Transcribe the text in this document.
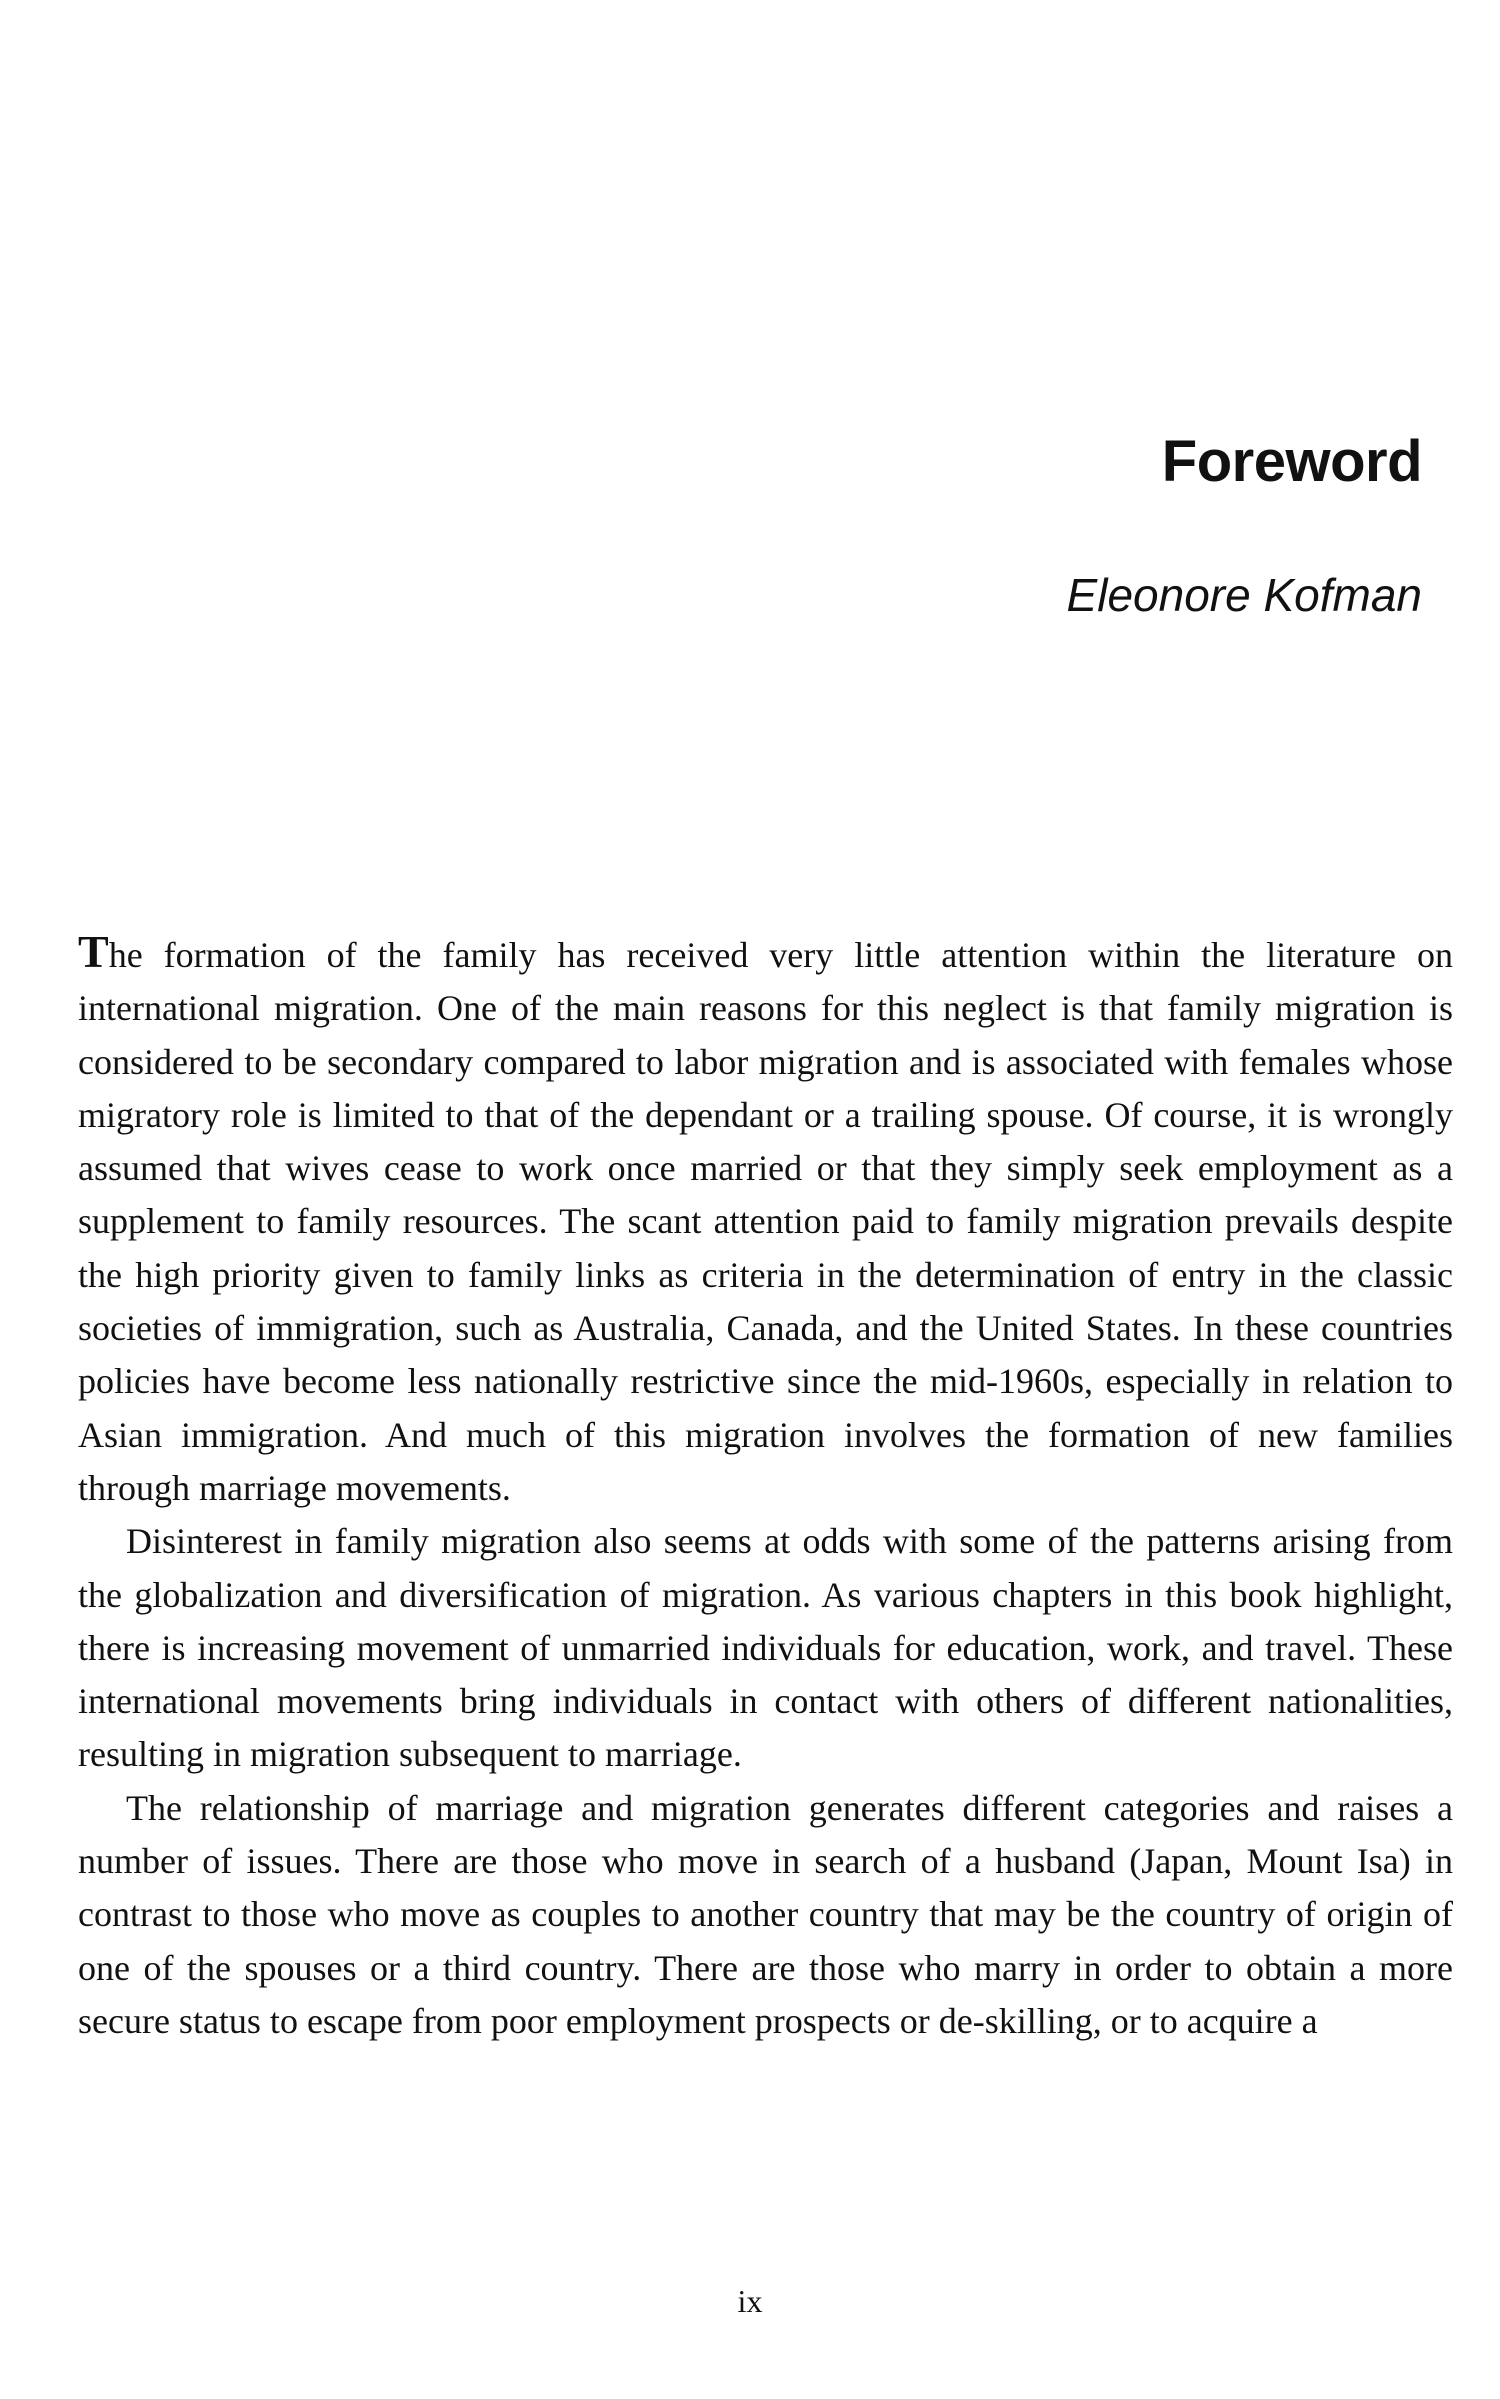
Foreword

Eleonore Kofman

The formation of the family has received very little attention within the literature on international migration. One of the main reasons for this neglect is that family migration is considered to be secondary compared to labor migration and is associated with females whose migratory role is limited to that of the dependant or a trailing spouse. Of course, it is wrongly assumed that wives cease to work once married or that they simply seek employment as a supplement to family resources. The scant attention paid to family migration prevails despite the high priority given to family links as criteria in the determination of entry in the classic societies of immigration, such as Australia, Canada, and the United States. In these countries policies have become less nationally restrictive since the mid-1960s, especially in relation to Asian immigration. And much of this migration involves the formation of new families through marriage movements.

Disinterest in family migration also seems at odds with some of the patterns arising from the globalization and diversification of migration. As various chapters in this book highlight, there is increasing movement of unmarried individuals for education, work, and travel. These international movements bring individuals in contact with others of different nationalities, resulting in migration subsequent to marriage.

The relationship of marriage and migration generates different categories and raises a number of issues. There are those who move in search of a husband (Japan, Mount Isa) in contrast to those who move as couples to another country that may be the country of origin of one of the spouses or a third country. There are those who marry in order to obtain a more secure status to escape from poor employment prospects or de-skilling, or to acquire a

ix
